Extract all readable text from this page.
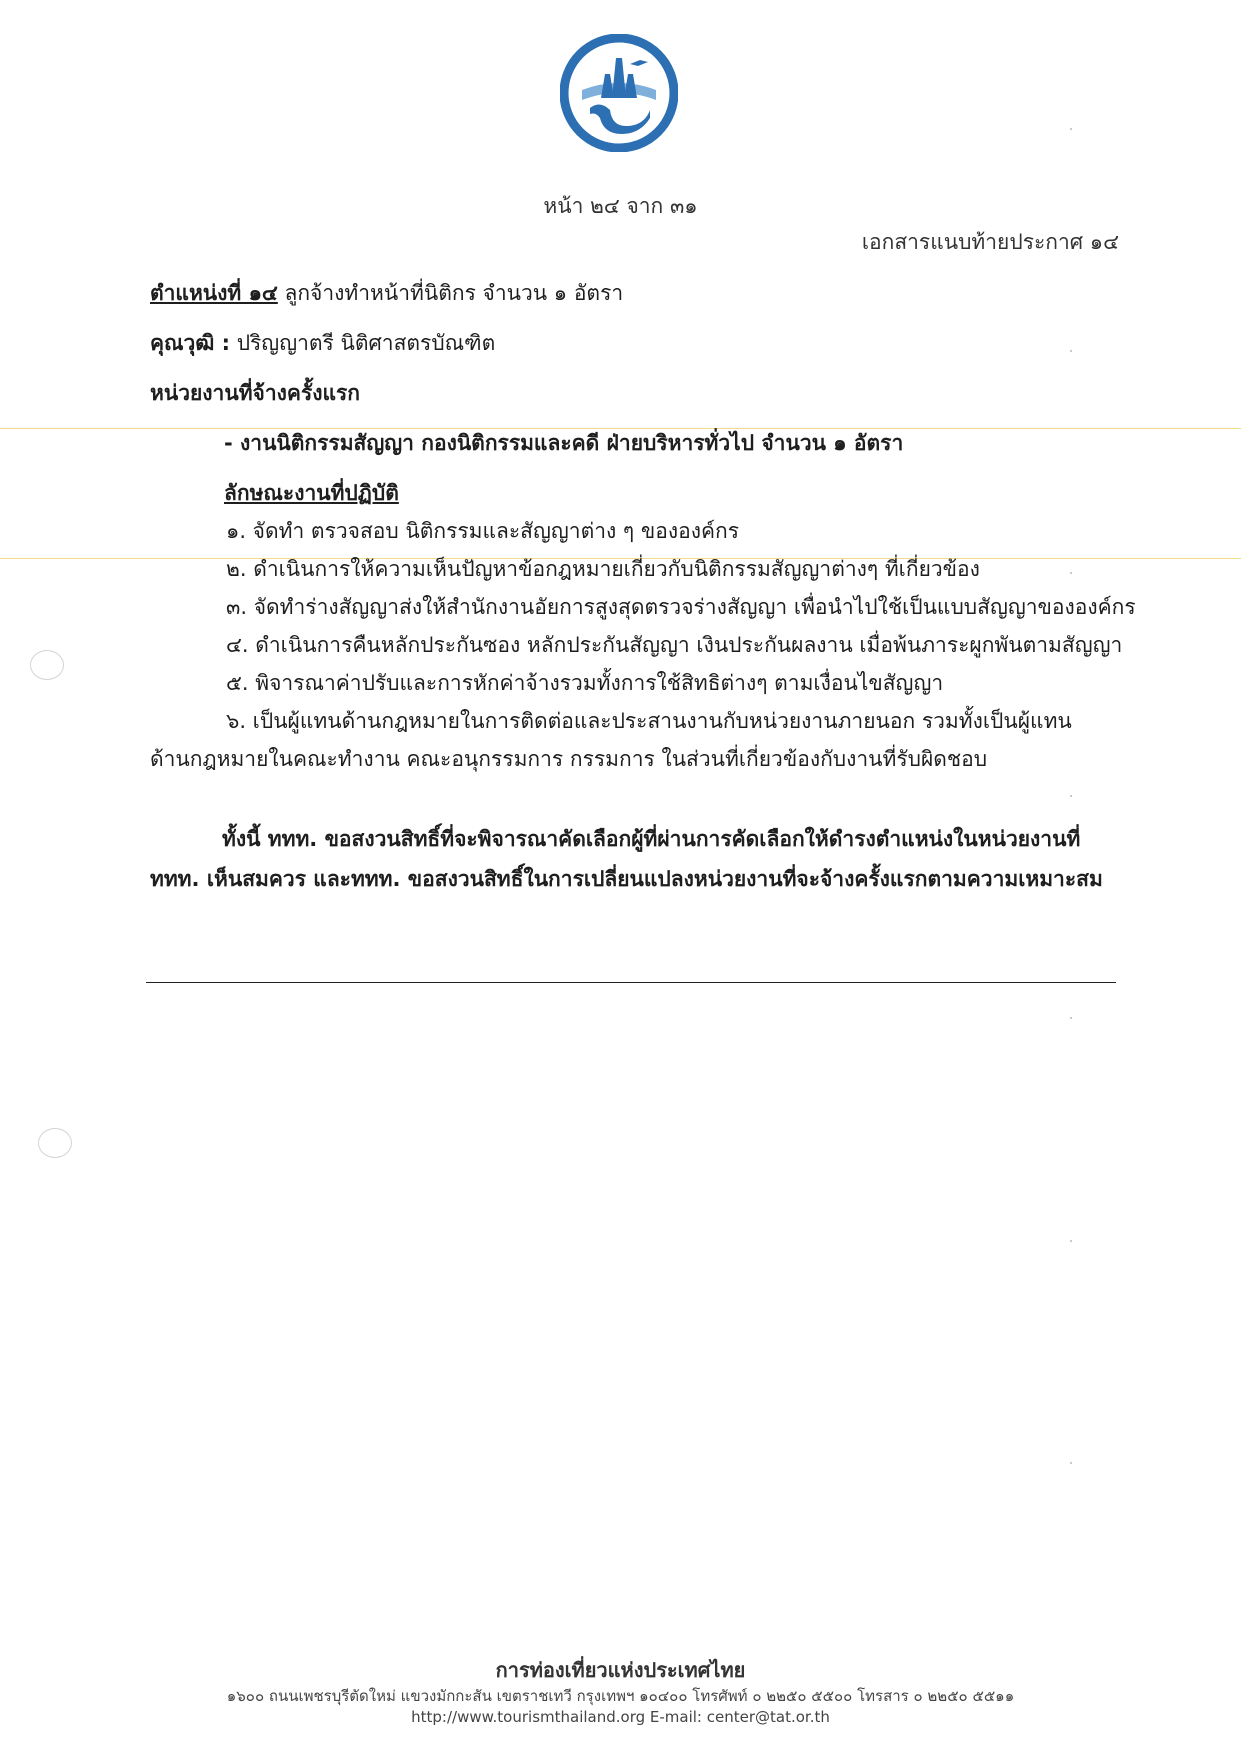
ททท
หน้า ๒๔ จาก ๓๑
เอกสารแนบท้ายประกาศ ๑๔
ตำแหน่งที่ ๑๔ ลูกจ้างทำหน้าที่นิติกร จำนวน ๑ อัตรา
คุณวุฒิ : ปริญญาตรี นิติศาสตรบัณฑิต
หน่วยงานที่จ้างครั้งแรก
- งานนิติกรรมสัญญา กองนิติกรรมและคดี ฝ่ายบริหารทั่วไป จำนวน ๑ อัตรา
ลักษณะงานที่ปฏิบัติ
๑. จัดทำ ตรวจสอบ นิติกรรมและสัญญาต่าง ๆ ขององค์กร
๒. ดำเนินการให้ความเห็นปัญหาข้อกฎหมายเกี่ยวกับนิติกรรมสัญญาต่างๆ ที่เกี่ยวข้อง
๓. จัดทำร่างสัญญาส่งให้สำนักงานอัยการสูงสุดตรวจร่างสัญญา เพื่อนำไปใช้เป็นแบบสัญญาขององค์กร
๔. ดำเนินการคืนหลักประกันซอง หลักประกันสัญญา เงินประกันผลงาน เมื่อพ้นภาระผูกพันตามสัญญา
๕. พิจารณาค่าปรับและการหักค่าจ้างรวมทั้งการใช้สิทธิต่างๆ ตามเงื่อนไขสัญญา
๖. เป็นผู้แทนด้านกฎหมายในการติดต่อและประสานงานกับหน่วยงานภายนอก รวมทั้งเป็นผู้แทน
ด้านกฎหมายในคณะทำงาน คณะอนุกรรมการ กรรมการ ในส่วนที่เกี่ยวข้องกับงานที่รับผิดชอบ
ทั้งนี้ ททท. ขอสงวนสิทธิ์ที่จะพิจารณาคัดเลือกผู้ที่ผ่านการคัดเลือกให้ดำรงตำแหน่งในหน่วยงานที่
ททท. เห็นสมควร และททท. ขอสงวนสิทธิ์ในการเปลี่ยนแปลงหน่วยงานที่จะจ้างครั้งแรกตามความเหมาะสม
การท่องเที่ยวแห่งประเทศไทย
๑๖๐๐ ถนนเพชรบุรีตัดใหม่ แขวงมักกะสัน เขตราชเทวี กรุงเทพฯ ๑๐๔๐๐ โทรศัพท์ ๐ ๒๒๕๐ ๕๕๐๐ โทรสาร ๐ ๒๒๕๐ ๕๕๑๑
http://www.tourismthailand.org E-mail: center@tat.or.th
